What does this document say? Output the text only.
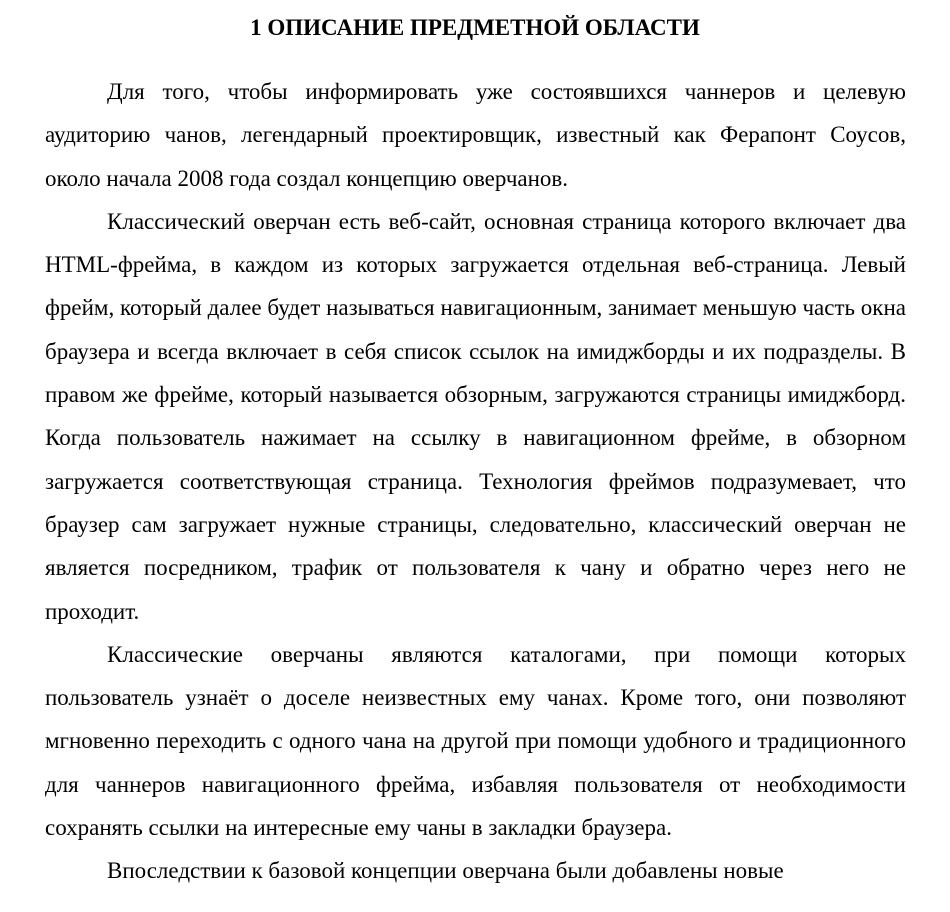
1 ОПИСАНИЕ ПРЕДМЕТНОЙ ОБЛАСТИ

Для того, чтобы информировать уже состоявшихся чаннеров и целевую аудиторию чанов, легендарный проектировщик, известный как Ферапонт Соусов, около начала 2008 года создал концепцию оверчанов.

Классический оверчан есть веб-сайт, основная страница которого включает два HTML-фрейма, в каждом из которых загружается отдельная веб-страница. Левый фрейм, который далее будет называться навигационным, занимает меньшую часть окна браузера и всегда включает в себя список ссылок на имиджборды и их подразделы. В правом же фрейме, который называется обзорным, загружаются страницы имиджборд. Когда пользователь нажимает на ссылку в навигационном фрейме, в обзорном загружается соответствующая страница. Технология фреймов подразумевает, что браузер сам загружает нужные страницы, следовательно, классический оверчан не является посредником, трафик от пользователя к чану и обратно через него не проходит.

Классические оверчаны являются каталогами, при помощи которых пользователь узнаёт о доселе неизвестных ему чанах. Кроме того, они позволяют мгновенно переходить с одного чана на другой при помощи удобного и традиционного для чаннеров навигационного фрейма, избавляя пользователя от необходимости сохранять ссылки на интересные ему чаны в закладки браузера.

Впоследствии к базовой концепции оверчана были добавлены новые
